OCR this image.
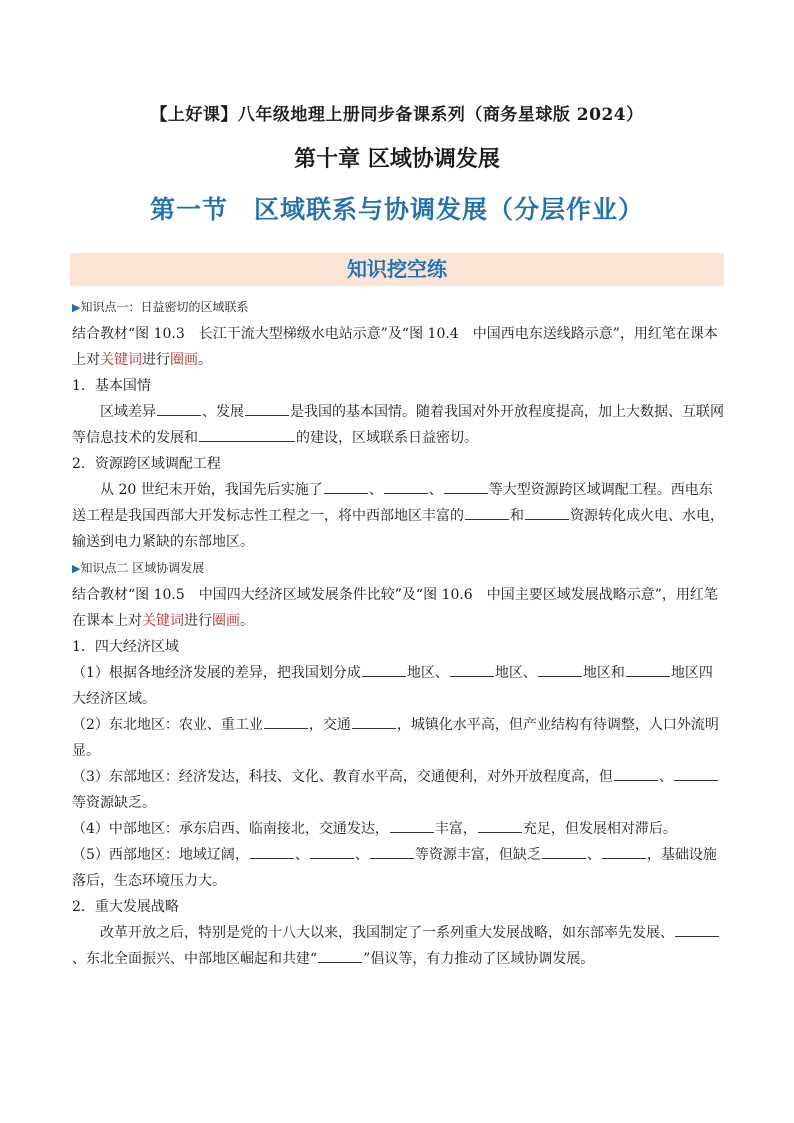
【上好课】八年级地理上册同步备课系列（商务星球版 2024）
第十章 区域协调发展
第一节　区域联系与协调发展（分层作业）
知识挖空练

▶知识点一：日益密切的区域联系

结合教材“图 10.3　长江干流大型梯级水电站示意”及“图 10.4　中国西电东送线路示意”，用红笔在课本上对关键词进行圈画。

1．基本国情

区域差异	、发展	是我国的基本国情。随着我国对外开放程度提高，加上大数据、互联网等信息技术的发展和	的建设，区域联系日益密切。

2．资源跨区域调配工程

从 20 世纪末开始，我国先后实施了	、	、	等大型资源跨区域调配工程。西电东送工程是我国西部大开发标志性工程之一，将中西部地区丰富的	和	资源转化成火电、水电，输送到电力紧缺的东部地区。

▶知识点二 区域协调发展

结合教材“图 10.5　中国四大经济区域发展条件比较”及“图 10.6　中国主要区域发展战略示意”，用红笔在课本上对关键词进行圈画。

1．四大经济区域

（1）根据各地经济发展的差异，把我国划分成	地区、	地区、	地区和	地区四大经济区域。

（2）东北地区：农业、重工业	，交通	，城镇化水平高，但产业结构有待调整，人口外流明显。

（3）东部地区：经济发达，科技、文化、教育水平高，交通便利，对外开放程度高，但	、等资源缺乏。

（4）中部地区：承东启西、临南接北，交通发达，	丰富，	充足，但发展相对滞后。

（5）西部地区：地域辽阔，	、	、	等资源丰富，但缺乏	、	，基础设施落后，生态环境压力大。

2．重大发展战略

改革开放之后，特别是党的十八大以来，我国制定了一系列重大发展战略，如东部率先发展、、东北全面振兴、中部地区崛起和共建“	”倡议等，有力推动了区域协调发展。
